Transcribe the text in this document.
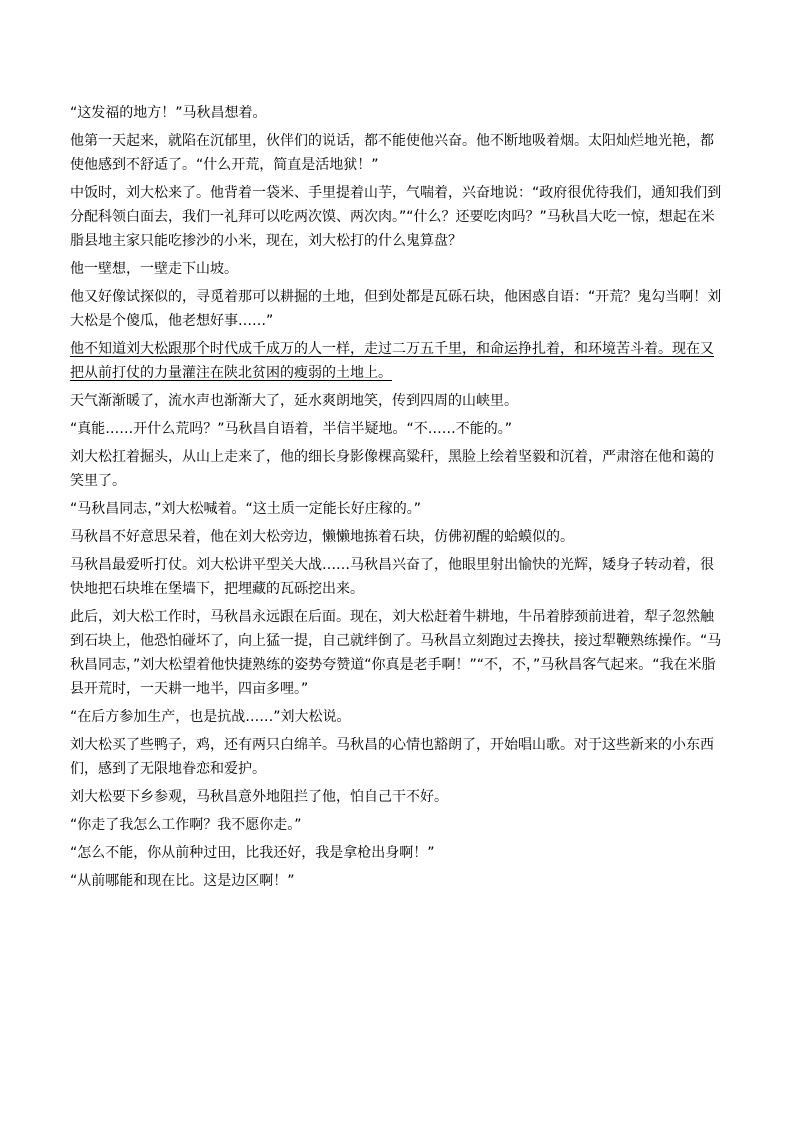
“这发福的地方！”马秋昌想着。

他第一天起来，就陷在沉郁里，伙伴们的说话，都不能使他兴奋。他不断地吸着烟。太阳灿烂地光艳，都使他感到不舒适了。“什么开荒，简直是活地狱！”

中饭时，刘大松来了。他背着一袋米、手里提着山芋，气喘着，兴奋地说：“政府很优待我们，通知我们到分配科领白面去，我们一礼拜可以吃两次馍、两次肉。”“什么？还要吃肉吗？”马秋昌大吃一惊，想起在米脂县地主家只能吃掺沙的小米，现在，刘大松打的什么鬼算盘？

他一壁想，一壁走下山坡。

他又好像试探似的，寻觅着那可以耕掘的土地，但到处都是瓦砾石块，他困惑自语：“开荒？鬼勾当啊！刘大松是个傻瓜，他老想好事……”

他不知道刘大松跟那个时代成千成万的人一样，走过二万五千里，和命运挣扎着，和环境苦斗着。现在又把从前打仗的力量灌注在陕北贫困的瘦弱的土地上。

天气渐渐暖了，流水声也渐渐大了，延水爽朗地笑，传到四周的山峡里。

“真能……开什么荒吗？”马秋昌自语着，半信半疑地。“不……不能的。”

刘大松扛着掘头，从山上走来了，他的细长身影像棵高粱秆，黑脸上绘着坚毅和沉着，严肃溶在他和蔼的笑里了。

“马秋昌同志，”刘大松喊着。“这土质一定能长好庄稼的。”

马秋昌不好意思呆着，他在刘大松旁边，懒懒地拣着石块，仿佛初醒的蛤蟆似的。

马秋昌最爱听打仗。刘大松讲平型关大战……马秋昌兴奋了，他眼里射出愉快的光辉，矮身子转动着，很快地把石块堆在堡墙下，把埋藏的瓦砾挖出来。

此后，刘大松工作时，马秋昌永远跟在后面。现在，刘大松赶着牛耕地，牛吊着脖颈前进着，犁子忽然触到石块上，他恐怕碰坏了，向上猛一提，自己就绊倒了。马秋昌立刻跑过去搀扶，接过犁鞭熟练操作。“马秋昌同志，”刘大松望着他快捷熟练的姿势夸赞道“你真是老手啊！”“不，不，”马秋昌客气起来。“我在米脂县开荒时，一天耕一地半，四亩多哩。”

“在后方参加生产，也是抗战……”刘大松说。

刘大松买了些鸭子，鸡，还有两只白绵羊。马秋昌的心情也豁朗了，开始唱山歌。对于这些新来的小东西们，感到了无限地眷恋和爱护。

刘大松要下乡参观，马秋昌意外地阻拦了他，怕自己干不好。

“你走了我怎么工作啊？我不愿你走。”

“怎么不能，你从前种过田，比我还好，我是拿枪出身啊！”

“从前哪能和现在比。这是边区啊！”
